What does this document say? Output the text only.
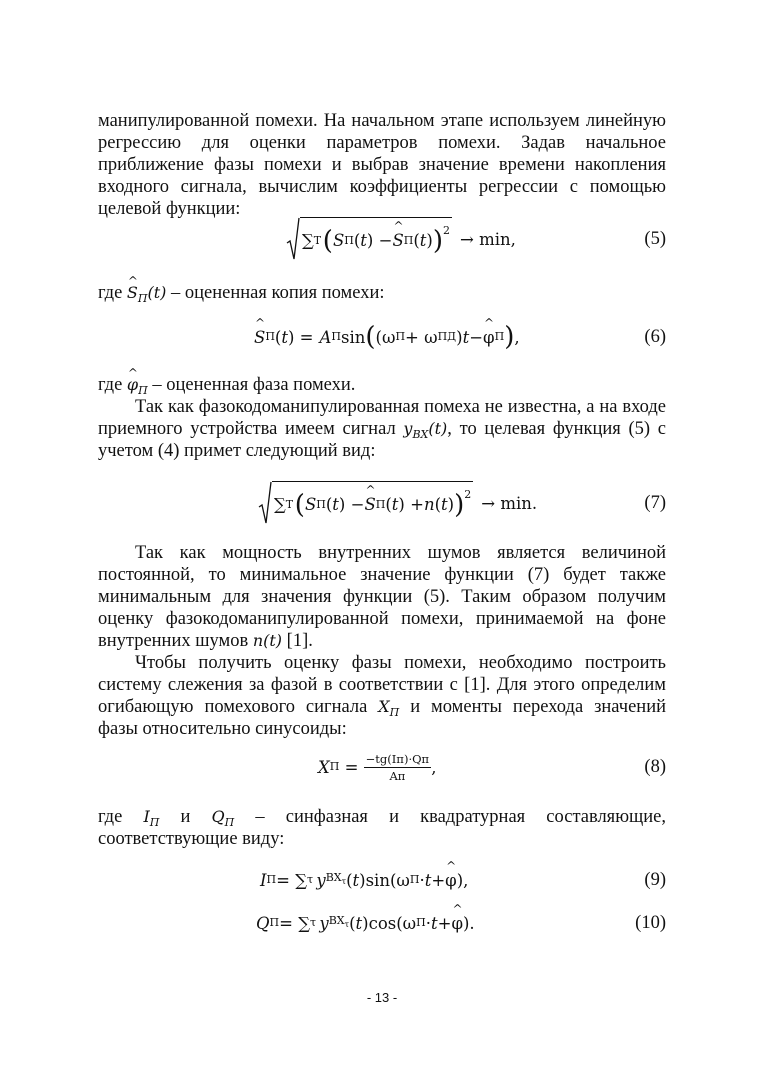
манипулированной помехи. На начальном этапе используем линейную регрессию для оценки параметров помехи. Задав начальное приближение фазы помехи и выбрав значение времени накопления входного сигнала, вычислим коэффициенты регрессии с помощью целевой функции:

∑ T
  ( S П ( t ) − S ^ П ( t ) )$^2$ → min,	(5)

где S $\^{}_П(t)$ – оцененная копия помехи:

S ^ П ( t ) = A П sin ( (ω П + ω ПД ) t − φ ^ П ) ,	(6)

где φ $\^{}_П$ – оцененная фаза помехи.

Так как фазокодоманипулированная помеха не известна, а на входе приемного устройства имеем сигнал $y_{ВХ}(t)$, то целевая функция (5) с учетом (4) примет следующий вид:

∑ T
  ( S П ( t ) − S ^ П ( t ) + n ( t ) )$^2$ → min.	(7)

Так как мощность внутренних шумов является величиной постоянной, то минимальное значение функции (7) будет также минимальным для значения функции (5). Таким образом получим оценку фазокодоманипулированной помехи, принимаемой на фоне внутренних шумов n(t) [1].

Чтобы получить оценку фазы помехи, необходимо построить систему слежения за фазой в соответствии с [1]. Для этого определим огибающую помехового сигнала $X_П$ и моменты перехода значений фазы относительно синусоиды:

X $П = \frac{-tg(Iп)\cdot Qп}{Aп}$ ,	(8)

где $I_П$ и $Q_П$ – синфазная и квадратурная составляющие, соответствующие виду:

I П = ∑ τ
  y $ВХ_\tau$ ( t )sin(ω П · t + φ ^ ),	(9)
Q П = ∑ τ
  y $ВХ_\tau$ ( t )cos(ω П · t + φ ^ ).	(10)
- 13 -
